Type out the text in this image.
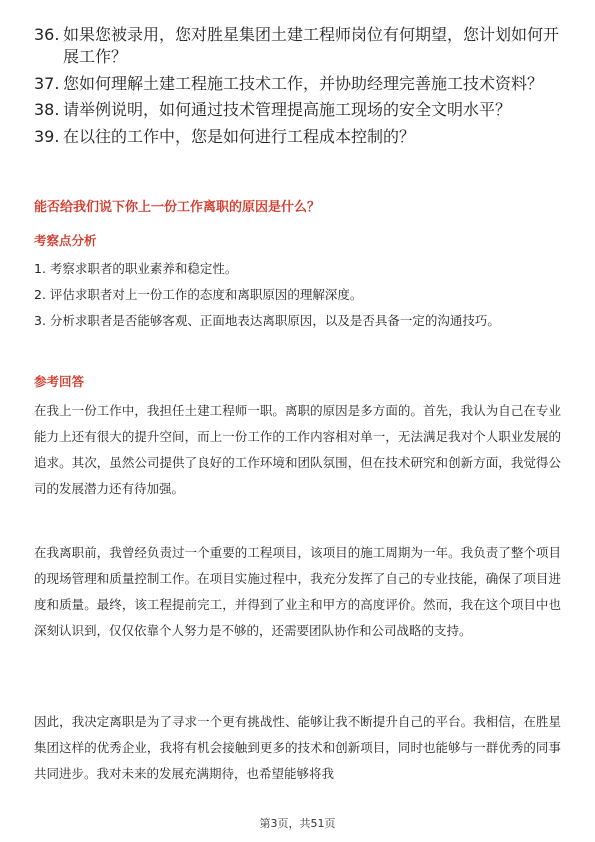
36. 如果您被录用，您对胜星集团土建工程师岗位有何期望，您计划如何开展工作？
37. 您如何理解土建工程施工技术工作，并协助经理完善施工技术资料？
38. 请举例说明，如何通过技术管理提高施工现场的安全文明水平？
39. 在以往的工作中，您是如何进行工程成本控制的？
能否给我们说下你上一份工作离职的原因是什么？
考察点分析
1. 考察求职者的职业素养和稳定性。
2. 评估求职者对上一份工作的态度和离职原因的理解深度。
3. 分析求职者是否能够客观、正面地表达离职原因，以及是否具备一定的沟通技巧。
参考回答
在我上一份工作中，我担任土建工程师一职。离职的原因是多方面的。首先，我认为自己在专业能力上还有很大的提升空间，而上一份工作的工作内容相对单一，无法满足我对个人职业发展的追求。其次，虽然公司提供了良好的工作环境和团队氛围，但在技术研究和创新方面，我觉得公司的发展潜力还有待加强。
在我离职前，我曾经负责过一个重要的工程项目，该项目的施工周期为一年。我负责了整个项目的现场管理和质量控制工作。在项目实施过程中，我充分发挥了自己的专业技能，确保了项目进度和质量。最终，该工程提前完工，并得到了业主和甲方的高度评价。然而，我在这个项目中也深刻认识到，仅仅依靠个人努力是不够的，还需要团队协作和公司战略的支持。
因此，我决定离职是为了寻求一个更有挑战性、能够让我不断提升自己的平台。我相信，在胜星集团这样的优秀企业，我将有机会接触到更多的技术和创新项目，同时也能够与一群优秀的同事共同进步。我对未来的发展充满期待，也希望能够将我
第3页，共51页
